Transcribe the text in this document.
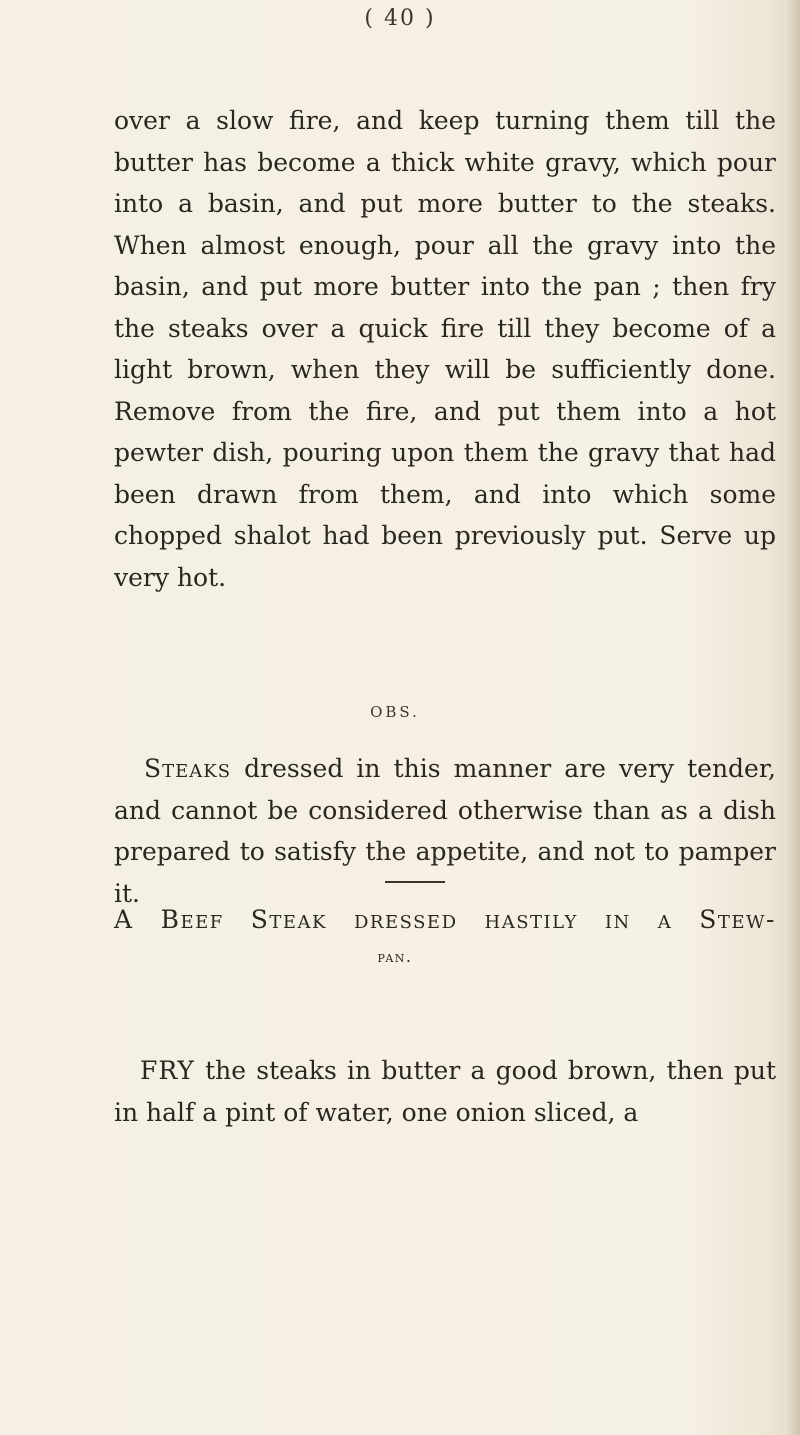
( 40 )

over a slow fire, and keep turning them till the butter has become a thick white gravy, which pour into a basin, and put more butter to the steaks. When almost enough, pour all the gravy into the basin, and put more butter into the pan ; then fry the steaks over a quick fire till they become of a light brown, when they will be sufficiently done. Remove from the fire, and put them into a hot pewter dish, pouring upon them the gravy that had been drawn from them, and into which some chopped shalot had been previously put. Serve up very hot.

OBS.

Steaks dressed in this manner are very tender, and cannot be considered otherwise than as a dish prepared to satisfy the appetite, and not to pamper it.

A Beef Steak dressed hastily in a Stew-

pan.

FRY the steaks in butter a good brown, then put in half a pint of water, one onion sliced, a
